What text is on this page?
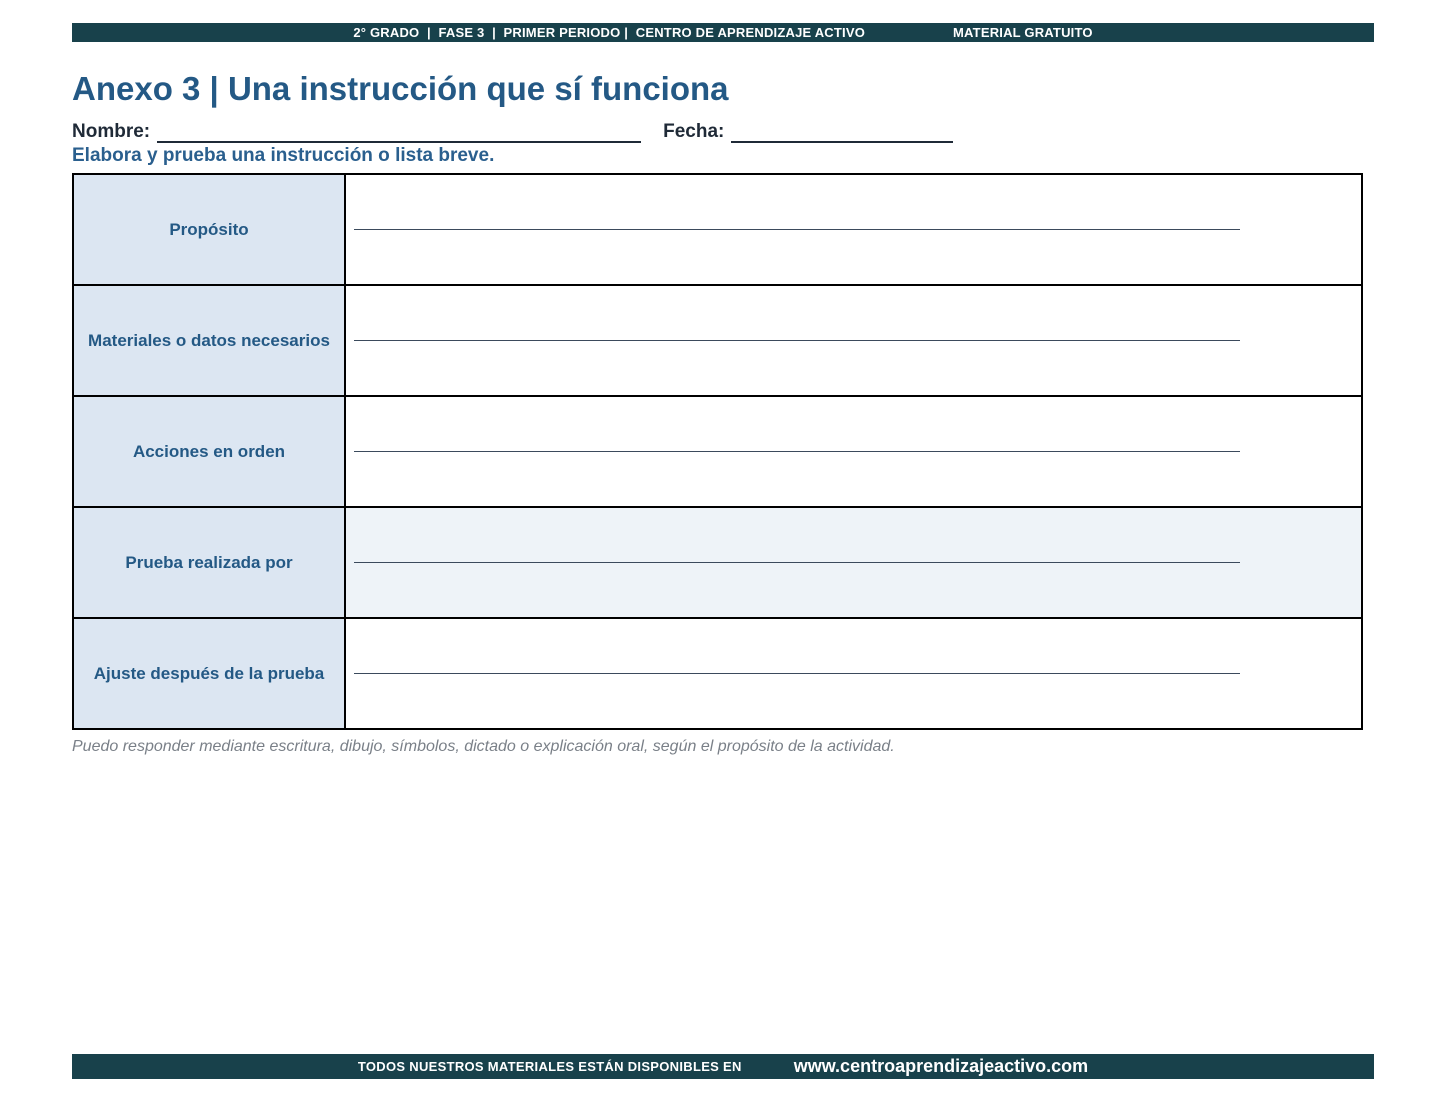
2° GRADO
|
FASE 3
|
PRIMER PERIODO
|
CENTRO DE APRENDIZAJE ACTIVO	MATERIAL GRATUITO
Anexo 3 | Una instrucción que sí funciona
Nombre:	Fecha:
Elabora y prueba una instrucción o lista breve.
Propósito
Materiales o datos necesarios
Acciones en orden
Prueba realizada por
Ajuste después de la prueba
Puedo responder mediante escritura, dibujo, símbolos, dictado o explicación oral, según el propósito de la actividad.
TODOS NUESTROS MATERIALES ESTÁN DISPONIBLES EN	www.centroaprendizajeactivo.com
